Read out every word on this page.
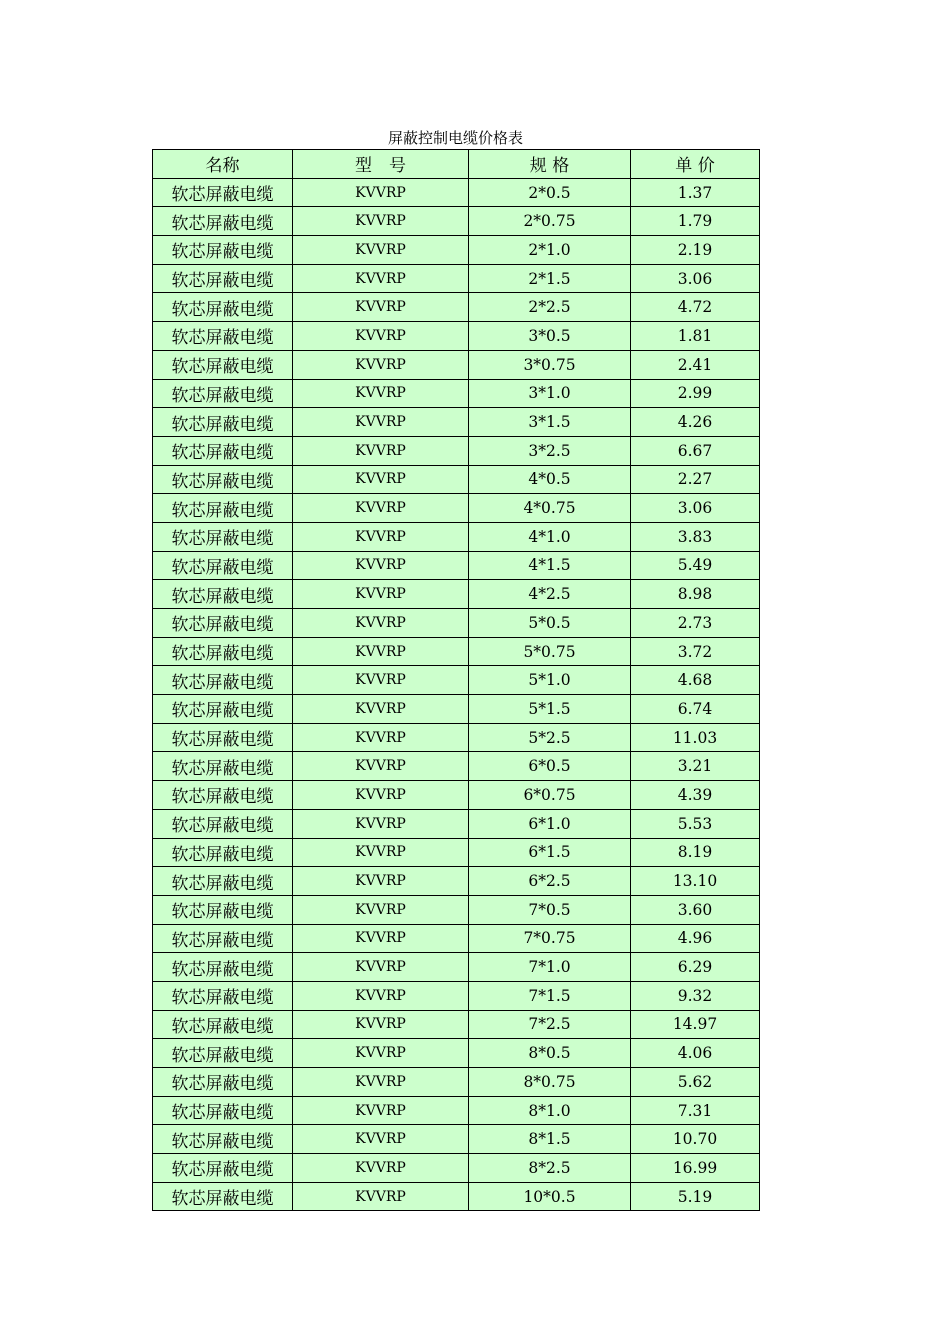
屏蔽控制电缆价格表
名称	型　号	规 格	单 价
软芯屏蔽电缆	KVVRP	2*0.5	1.37
软芯屏蔽电缆	KVVRP	2*0.75	1.79
软芯屏蔽电缆	KVVRP	2*1.0	2.19
软芯屏蔽电缆	KVVRP	2*1.5	3.06
软芯屏蔽电缆	KVVRP	2*2.5	4.72
软芯屏蔽电缆	KVVRP	3*0.5	1.81
软芯屏蔽电缆	KVVRP	3*0.75	2.41
软芯屏蔽电缆	KVVRP	3*1.0	2.99
软芯屏蔽电缆	KVVRP	3*1.5	4.26
软芯屏蔽电缆	KVVRP	3*2.5	6.67
软芯屏蔽电缆	KVVRP	4*0.5	2.27
软芯屏蔽电缆	KVVRP	4*0.75	3.06
软芯屏蔽电缆	KVVRP	4*1.0	3.83
软芯屏蔽电缆	KVVRP	4*1.5	5.49
软芯屏蔽电缆	KVVRP	4*2.5	8.98
软芯屏蔽电缆	KVVRP	5*0.5	2.73
软芯屏蔽电缆	KVVRP	5*0.75	3.72
软芯屏蔽电缆	KVVRP	5*1.0	4.68
软芯屏蔽电缆	KVVRP	5*1.5	6.74
软芯屏蔽电缆	KVVRP	5*2.5	11.03
软芯屏蔽电缆	KVVRP	6*0.5	3.21
软芯屏蔽电缆	KVVRP	6*0.75	4.39
软芯屏蔽电缆	KVVRP	6*1.0	5.53
软芯屏蔽电缆	KVVRP	6*1.5	8.19
软芯屏蔽电缆	KVVRP	6*2.5	13.10
软芯屏蔽电缆	KVVRP	7*0.5	3.60
软芯屏蔽电缆	KVVRP	7*0.75	4.96
软芯屏蔽电缆	KVVRP	7*1.0	6.29
软芯屏蔽电缆	KVVRP	7*1.5	9.32
软芯屏蔽电缆	KVVRP	7*2.5	14.97
软芯屏蔽电缆	KVVRP	8*0.5	4.06
软芯屏蔽电缆	KVVRP	8*0.75	5.62
软芯屏蔽电缆	KVVRP	8*1.0	7.31
软芯屏蔽电缆	KVVRP	8*1.5	10.70
软芯屏蔽电缆	KVVRP	8*2.5	16.99
软芯屏蔽电缆	KVVRP	10*0.5	5.19
